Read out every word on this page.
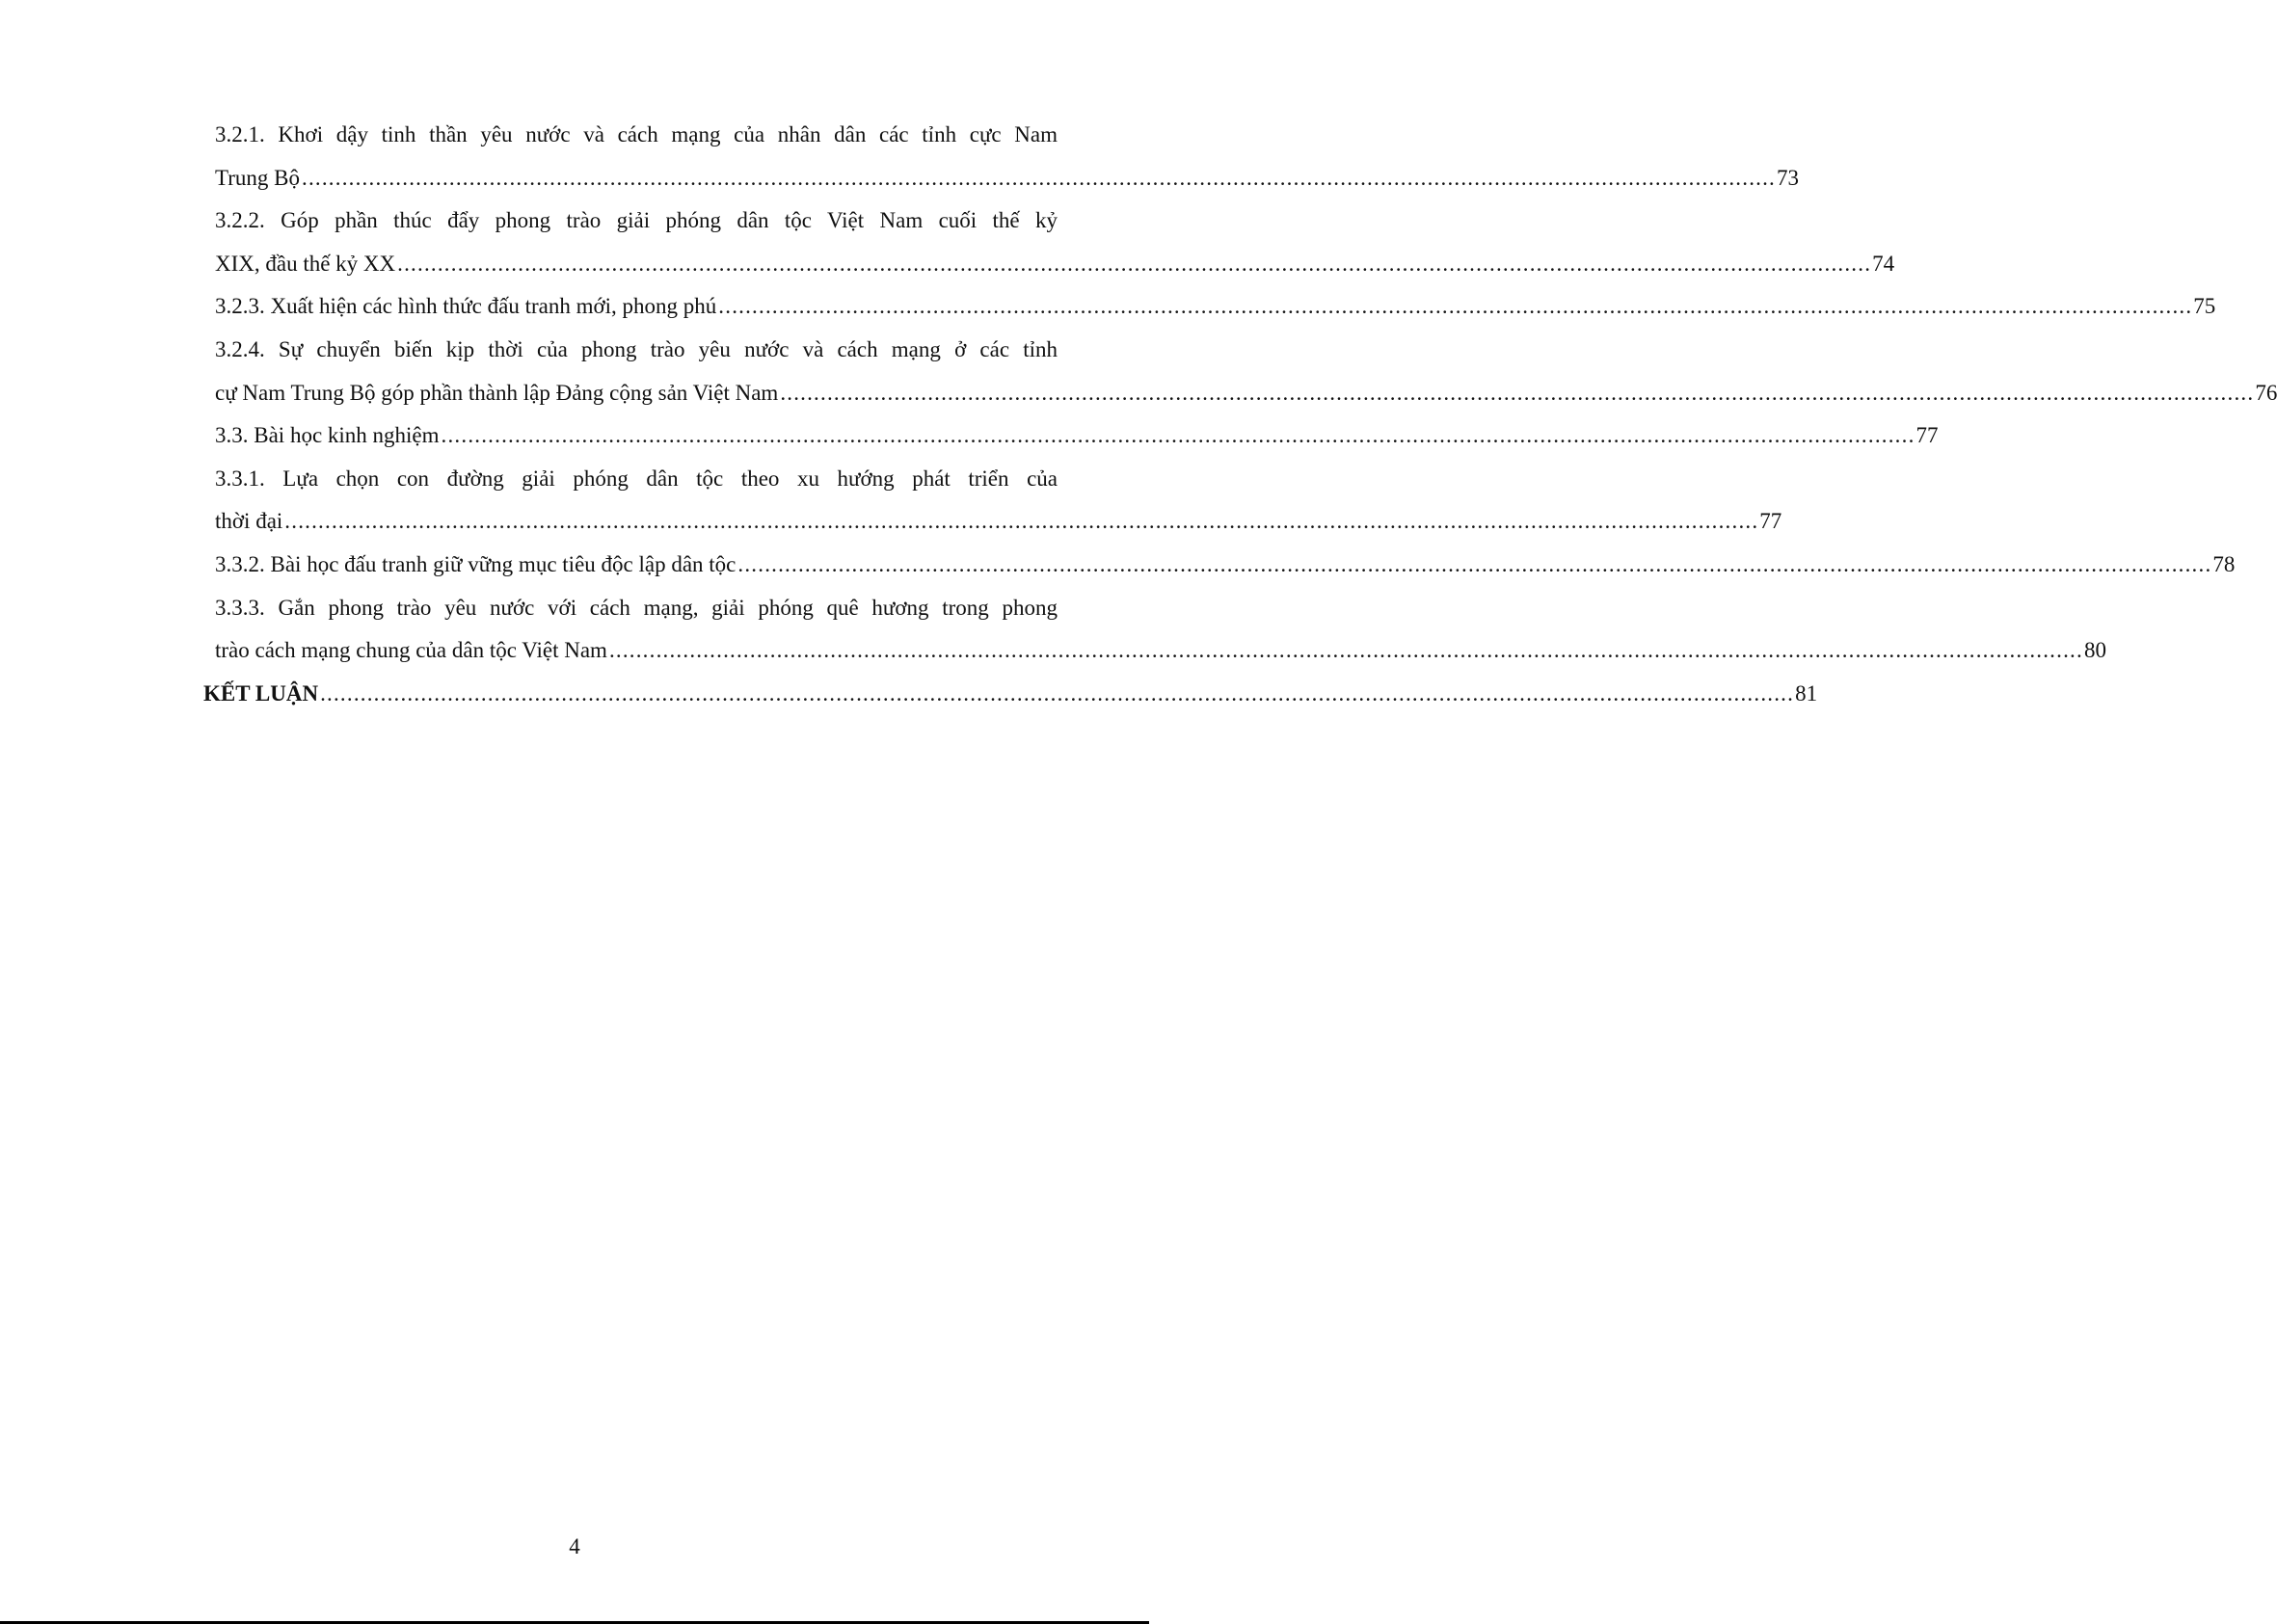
3.2.1. Khơi dậy tinh thần yêu nước và cách mạng của nhân dân các tỉnh cực Nam
Trung Bộ ............................................................................................................................................................................................................................ 73
3.2.2. Góp phần thúc đẩy phong trào giải phóng dân tộc Việt Nam cuối thế kỷ
XIX, đầu thế kỷ XX ............................................................................................................................................................................................................................ 74
3.2.3. Xuất hiện các hình thức đấu tranh mới, phong phú ............................................................................................................................................................................................................................ 75
3.2.4. Sự chuyển biến kịp thời của phong trào yêu nước và cách mạng ở các tỉnh
cự Nam Trung Bộ góp phần thành lập Đảng cộng sản Việt Nam ............................................................................................................................................................................................................................ 76
3.3. Bài học kinh nghiệm ............................................................................................................................................................................................................................ 77
3.3.1. Lựa chọn con đường giải phóng dân tộc theo xu hướng phát triển của
thời đại ............................................................................................................................................................................................................................ 77
3.3.2. Bài học đấu tranh giữ vững mục tiêu độc lập dân tộc ............................................................................................................................................................................................................................ 78
3.3.3. Gắn phong trào yêu nước với cách mạng, giải phóng quê hương trong phong
trào cách mạng chung của dân tộc Việt Nam ............................................................................................................................................................................................................................ 80
KẾT LUẬN ............................................................................................................................................................................................................................ 81
4
